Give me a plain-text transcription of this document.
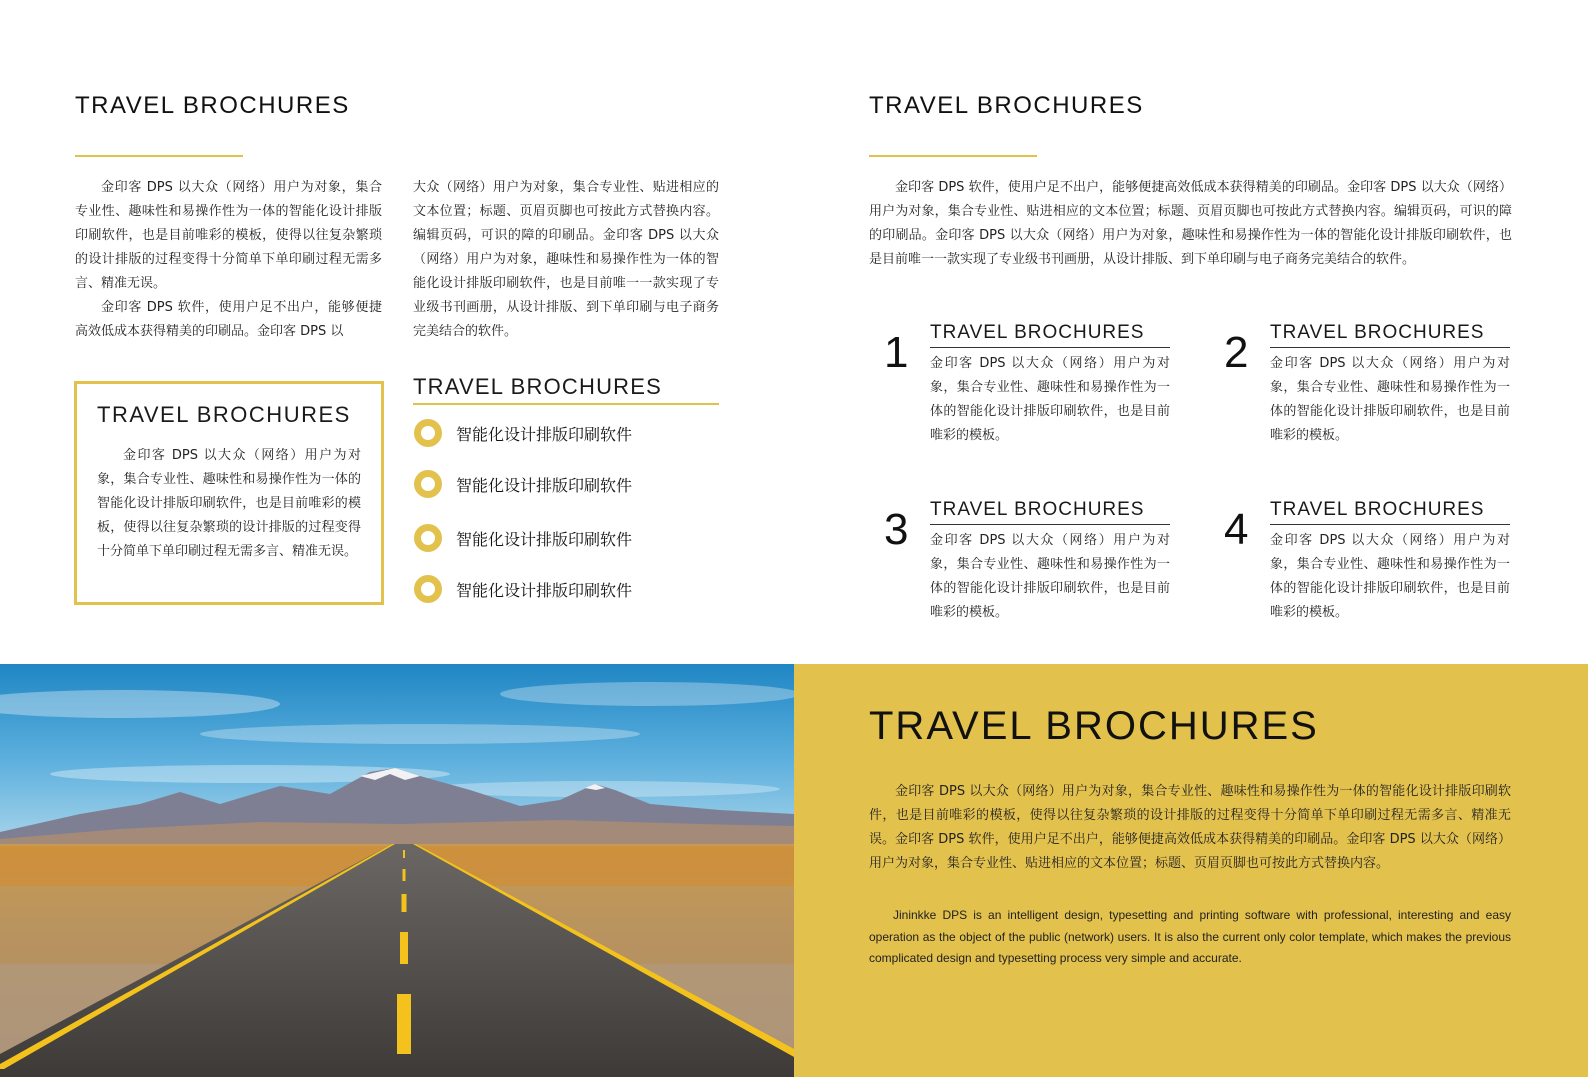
TRAVEL BROCHURES

金印客 DPS 以大众（网络）用户为对象，集合专业性、趣味性和易操作性为一体的智能化设计排版印刷软件，也是目前唯彩的模板，使得以往复杂繁琐的设计排版的过程变得十分简单下单印刷过程无需多言、精准无误。

金印客 DPS 软件，使用户足不出户，能够便捷高效低成本获得精美的印刷品。金印客 DPS 以

大众（网络）用户为对象，集合专业性、贴进相应的文本位置；标题、页眉页脚也可按此方式替换内容。编辑页码，可识的障的印刷品。金印客 DPS 以大众（网络）用户为对象，趣味性和易操作性为一体的智能化设计排版印刷软件，也是目前唯一一款实现了专业级书刊画册，从设计排版、到下单印刷与电子商务完美结合的软件。

TRAVEL BROCHURES
金印客 DPS 以大众（网络）用户为对象，集合专业性、趣味性和易操作性为一体的智能化设计排版印刷软件，也是目前唯彩的模板，使得以往复杂繁琐的设计排版的过程变得十分简单下单印刷过程无需多言、精准无误。
TRAVEL BROCHURES
智能化设计排版印刷软件
智能化设计排版印刷软件
智能化设计排版印刷软件
智能化设计排版印刷软件
TRAVEL BROCHURES

金印客 DPS 软件，使用户足不出户，能够便捷高效低成本获得精美的印刷品。金印客 DPS 以大众（网络）用户为对象，集合专业性、贴进相应的文本位置；标题、页眉页脚也可按此方式替换内容。编辑页码，可识的障的印刷品。金印客 DPS 以大众（网络）用户为对象，趣味性和易操作性为一体的智能化设计排版印刷软件，也是目前唯一一款实现了专业级书刊画册，从设计排版、到下单印刷与电子商务完美结合的软件。

1 TRAVEL BROCHURES
金印客 DPS 以大众（网络）用户为对象，集合专业性、趣味性和易操作性为一体的智能化设计排版印刷软件，也是目前唯彩的模板。
2 TRAVEL BROCHURES
金印客 DPS 以大众（网络）用户为对象，集合专业性、趣味性和易操作性为一体的智能化设计排版印刷软件，也是目前唯彩的模板。
3 TRAVEL BROCHURES
金印客 DPS 以大众（网络）用户为对象，集合专业性、趣味性和易操作性为一体的智能化设计排版印刷软件，也是目前唯彩的模板。
4 TRAVEL BROCHURES
金印客 DPS 以大众（网络）用户为对象，集合专业性、趣味性和易操作性为一体的智能化设计排版印刷软件，也是目前唯彩的模板。
TRAVEL BROCHURES
金印客 DPS 以大众（网络）用户为对象，集合专业性、趣味性和易操作性为一体的智能化设计排版印刷软件，也是目前唯彩的模板，使得以往复杂繁琐的设计排版的过程变得十分简单下单印刷过程无需多言、精准无误。金印客 DPS 软件，使用户足不出户，能够便捷高效低成本获得精美的印刷品。金印客 DPS 以大众（网络）用户为对象，集合专业性、贴进相应的文本位置；标题、页眉页脚也可按此方式替换内容。
Jininkke DPS is an intelligent design, typesetting and printing software with professional, interesting and easy operation as the object of the public (network) users. It is also the current only color template, which makes the previous complicated design and typesetting process very simple and accurate.
